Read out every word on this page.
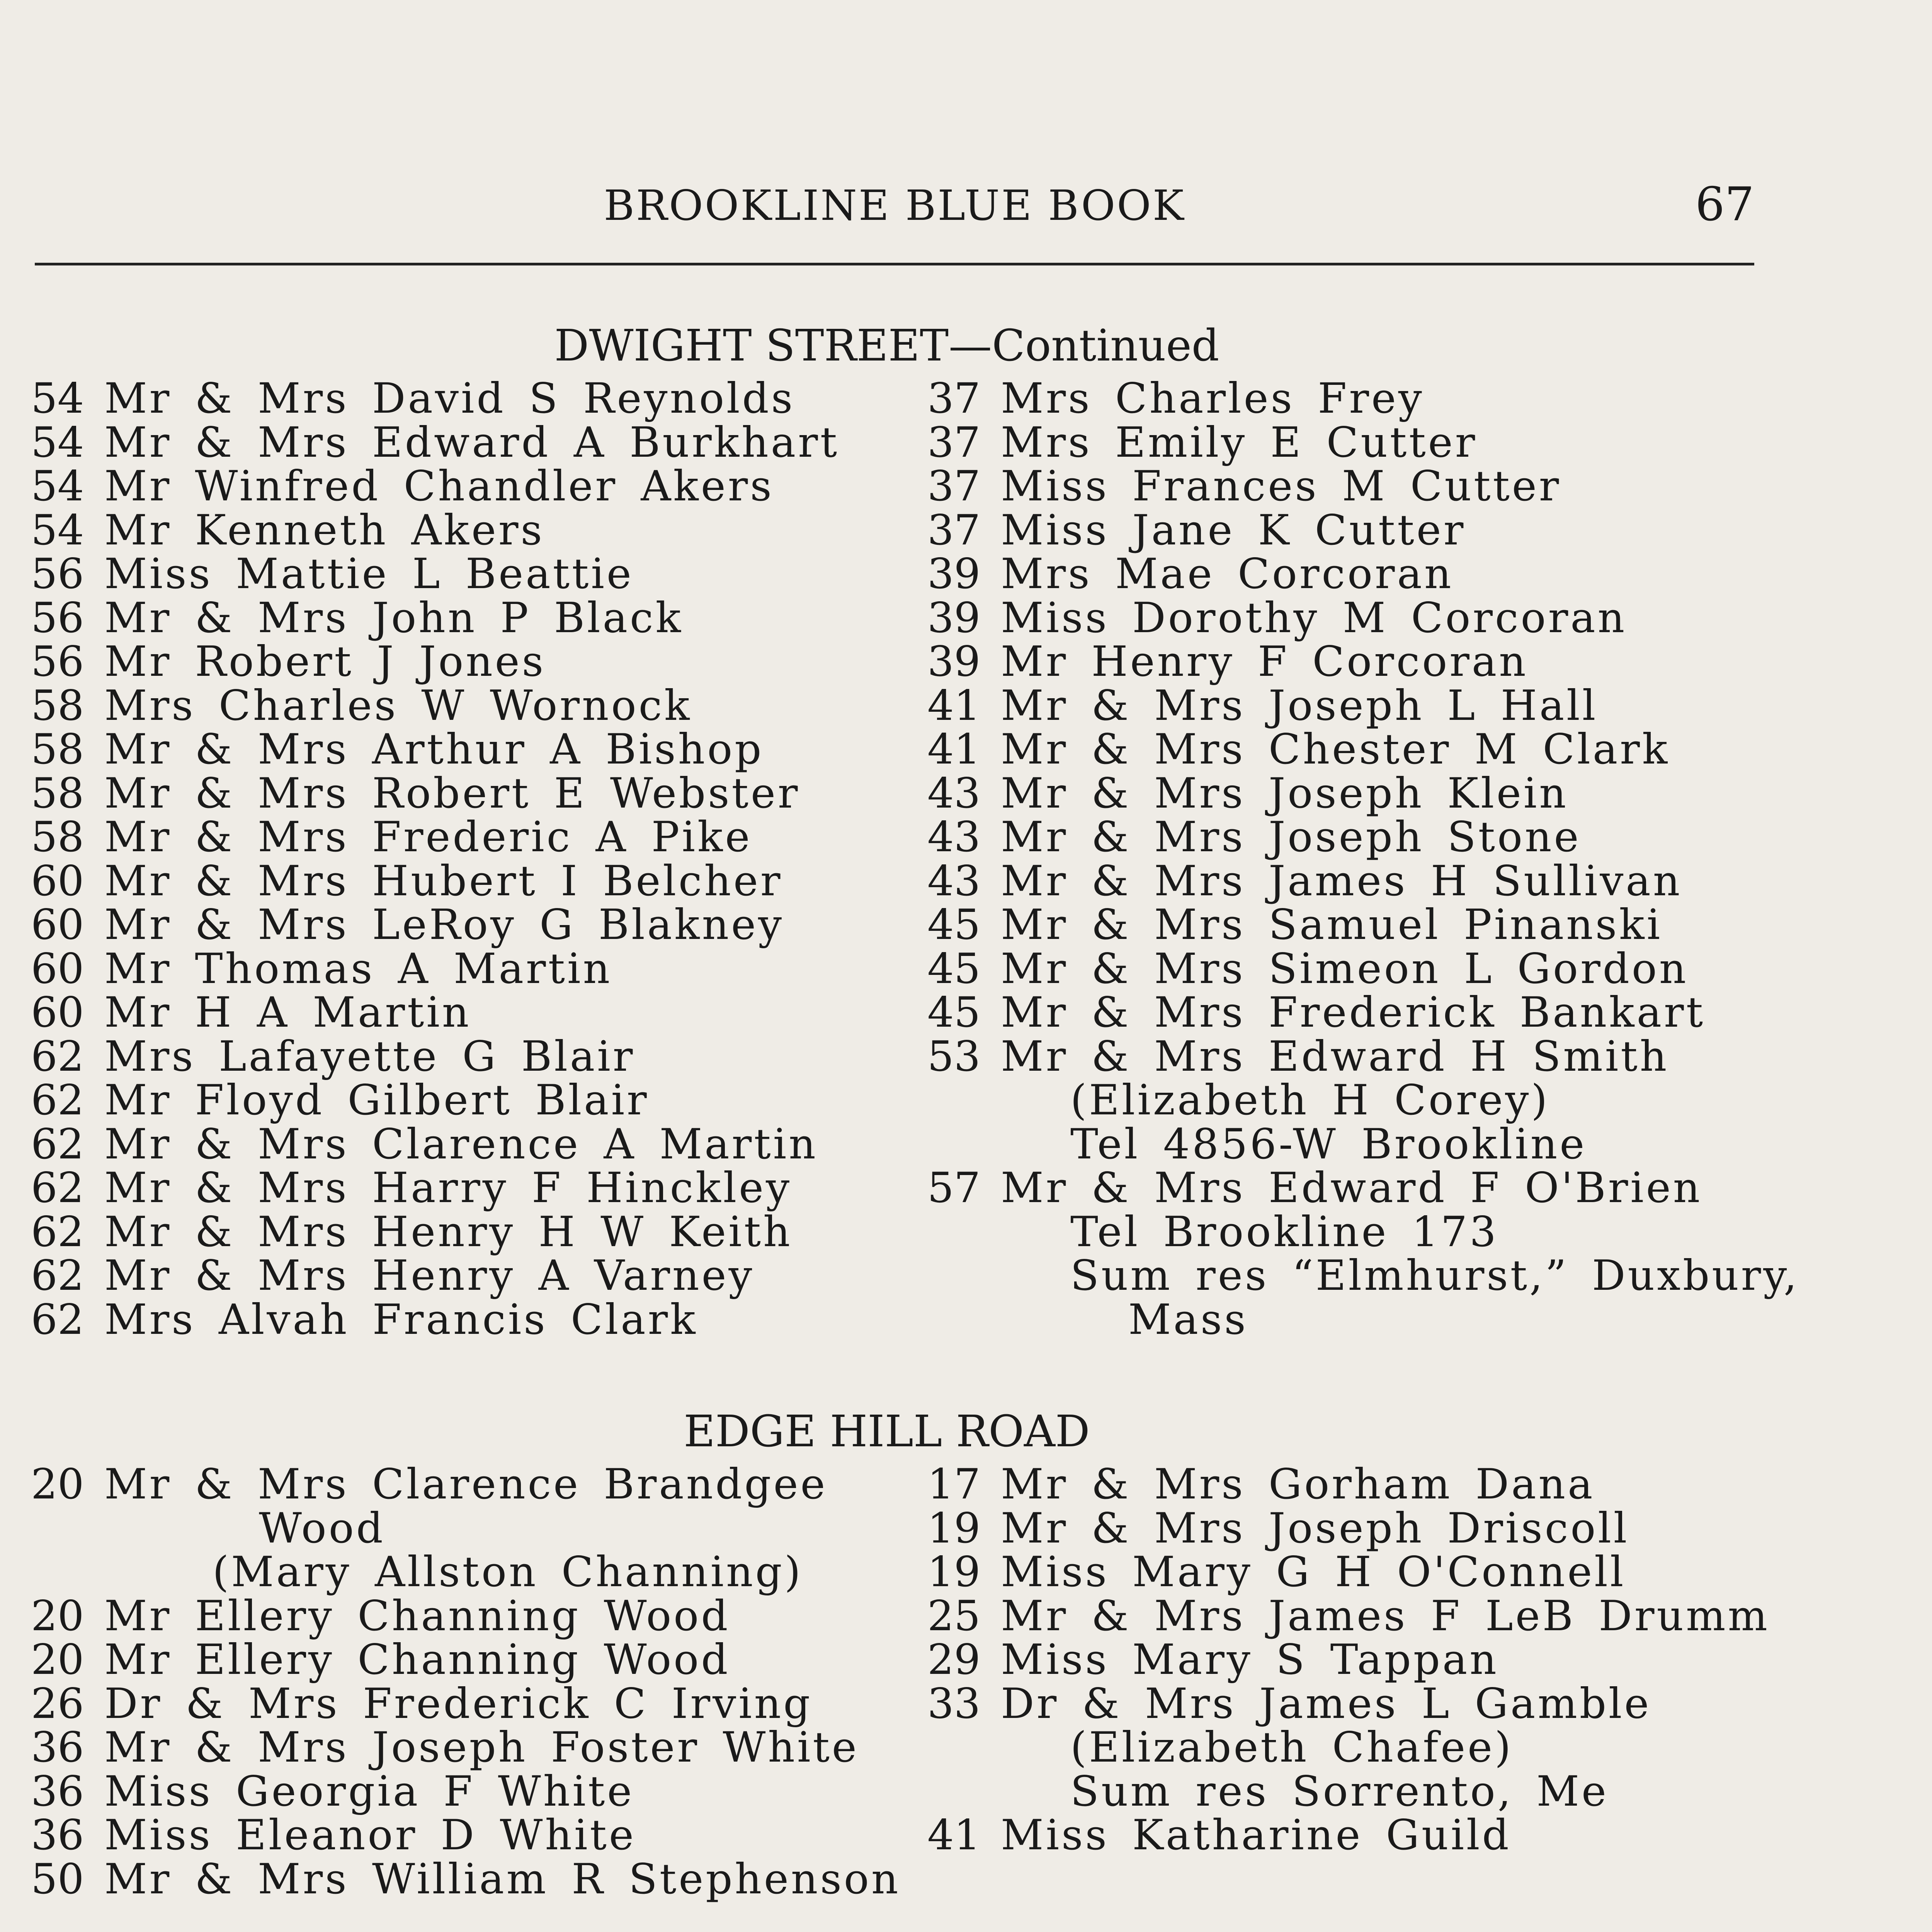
BROOKLINE BLUE BOOK	67
DWIGHT STREET—Continued
54 Mr & Mrs David S Reynolds
54 Mr & Mrs Edward A Burkhart
54 Mr Winfred Chandler Akers
54 Mr Kenneth Akers
56 Miss Mattie L Beattie
56 Mr & Mrs John P Black
56 Mr Robert J Jones
58 Mrs Charles W Wornock
58 Mr & Mrs Arthur A Bishop
58 Mr & Mrs Robert E Webster
58 Mr & Mrs Frederic A Pike
60 Mr & Mrs Hubert I Belcher
60 Mr & Mrs LeRoy G Blakney
60 Mr Thomas A Martin
60 Mr H A Martin
62 Mrs Lafayette G Blair
62 Mr Floyd Gilbert Blair
62 Mr & Mrs Clarence A Martin
62 Mr & Mrs Harry F Hinckley
62 Mr & Mrs Henry H W Keith
62 Mr & Mrs Henry A Varney
62 Mrs Alvah Francis Clark
37 Mrs Charles Frey
37 Mrs Emily E Cutter
37 Miss Frances M Cutter
37 Miss Jane K Cutter
39 Mrs Mae Corcoran
39 Miss Dorothy M Corcoran
39 Mr Henry F Corcoran
41 Mr & Mrs Joseph L Hall
41 Mr & Mrs Chester M Clark
43 Mr & Mrs Joseph Klein
43 Mr & Mrs Joseph Stone
43 Mr & Mrs James H Sullivan
45 Mr & Mrs Samuel Pinanski
45 Mr & Mrs Simeon L Gordon
45 Mr & Mrs Frederick Bankart
53 Mr & Mrs Edward H Smith
(Elizabeth H Corey)
Tel 4856-W Brookline
57 Mr & Mrs Edward F O'Brien
Tel Brookline 173
Sum res “Elmhurst,” Duxbury,
Mass
EDGE HILL ROAD
20 Mr & Mrs Clarence Brandgee
Wood
(Mary Allston Channing)
20 Mr Ellery Channing Wood
20 Mr Ellery Channing Wood
26 Dr & Mrs Frederick C Irving
36 Mr & Mrs Joseph Foster White
36 Miss Georgia F White
36 Miss Eleanor D White
50 Mr & Mrs William R Stephenson
17 Mr & Mrs Gorham Dana
19 Mr & Mrs Joseph Driscoll
19 Miss Mary G H O'Connell
25 Mr & Mrs James F LeB Drumm
29 Miss Mary S Tappan
33 Dr & Mrs James L Gamble
(Elizabeth Chafee)
Sum res Sorrento, Me
41 Miss Katharine Guild
